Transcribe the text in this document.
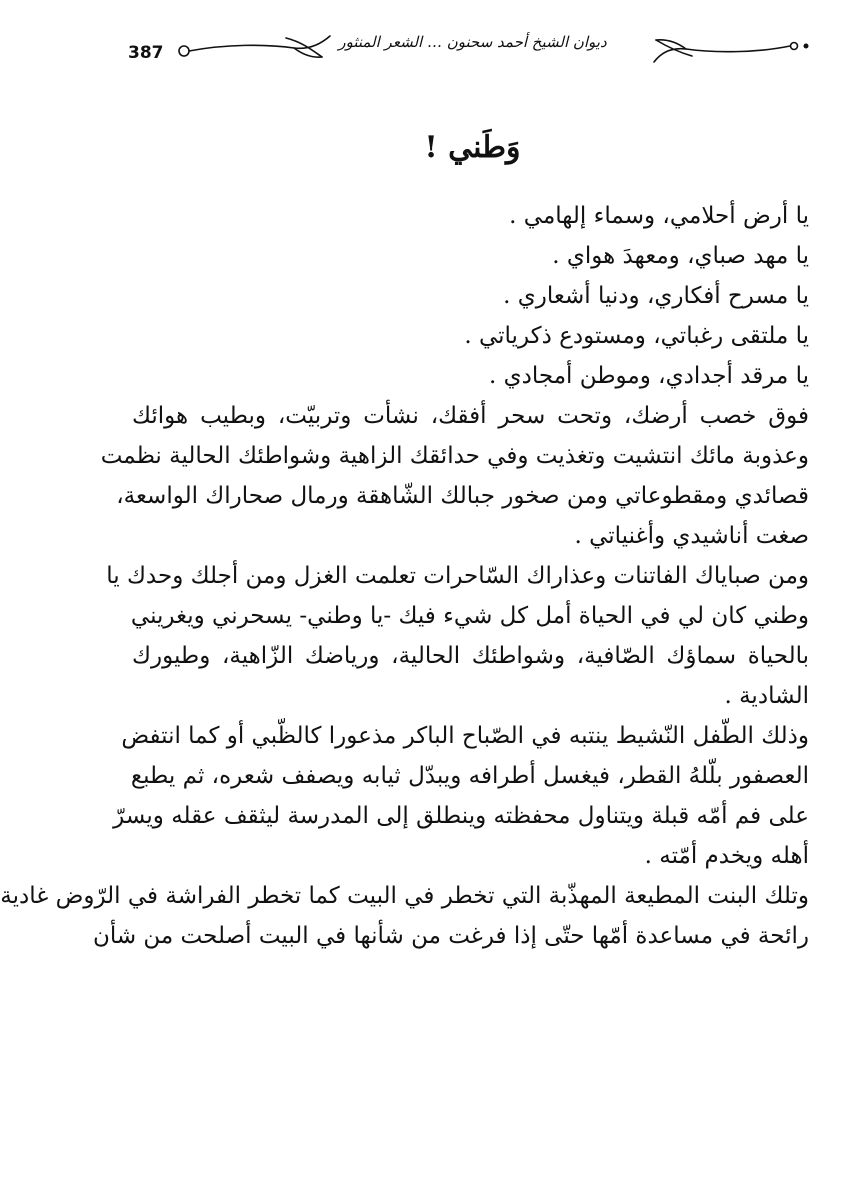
387
ديوان الشيخ أحمد سحنون … الشعر المنثور
وَطَني !
يا أرض أحلامي، وسماء إلهامي .
يا مهد صباي، ومعهدَ هواي .
يا مسرح أفكاري، ودنيا أشعاري .
يا ملتقى رغباتي، ومستودع ذكرياتي .
يا مرقد أجدادي، وموطن أمجادي .
فوق خصب أرضك، وتحت سحر أفقك، نشأت وتربيّت، وبطيب هوائك
وعذوبة مائك انتشيت وتغذيت وفي حدائقك الزاهية وشواطئك الحالية نظمت
قصائدي ومقطوعاتي ومن صخور جبالك الشّاهقة ورمال صحاراك الواسعة،
صغت أناشيدي وأغنياتي .
ومن صباياك الفاتنات وعذاراك السّاحرات تعلمت الغزل ومن أجلك وحدك يا
وطني كان لي في الحياة أمل كل شيء فيك -يا وطني- يسحرني ويغريني
بالحياة سماؤك الصّافية، وشواطئك الحالية، ورياضك الزّاهية، وطيورك
الشادية .
وذلك الطّفل النّشيط ينتبه في الصّباح الباكر مذعورا كالظّبي أو كما انتفض
العصفور بلّلهُ القطر، فيغسل أطرافه ويبدّل ثيابه ويصفف شعره، ثم يطبع
على فم أمّه قبلة ويتناول محفظته وينطلق إلى المدرسة ليثقف عقله ويسرّ
أهله ويخدم أمّته .
وتلك البنت المطيعة المهذّبة التي تخطر في البيت كما تخطر الفراشة في الرّوض غادية
رائحة في مساعدة أمّها حتّى إذا فرغت من شأنها في البيت أصلحت من شأن
